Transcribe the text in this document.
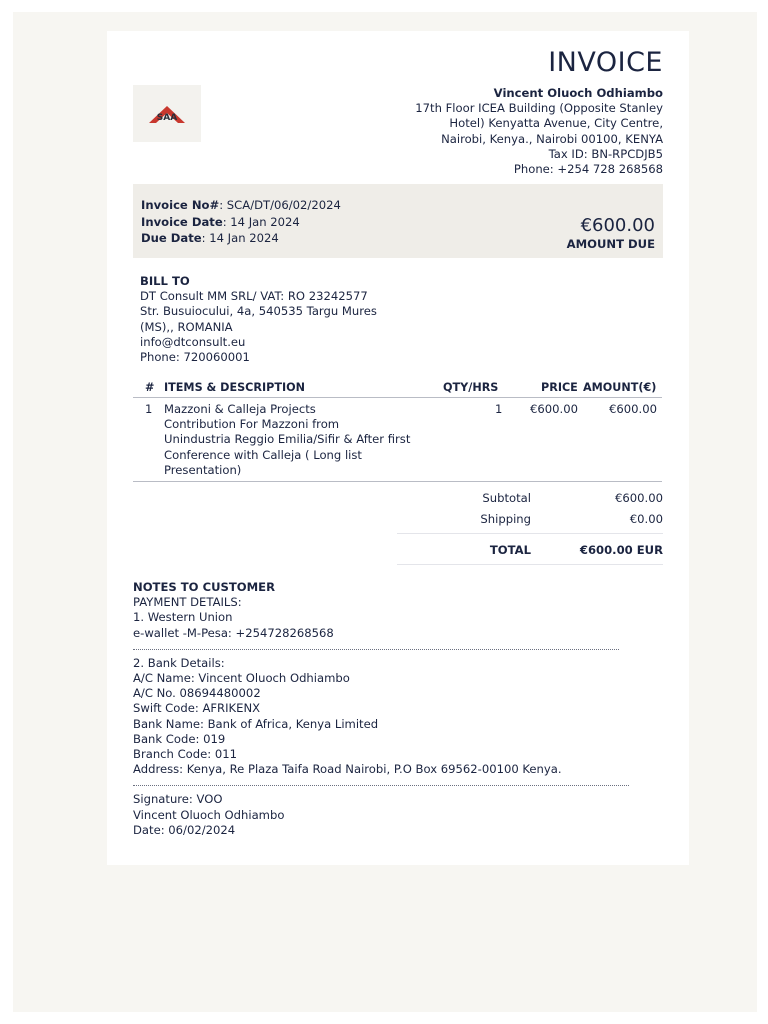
INVOICE
SAA
Vincent Oluoch Odhiambo
17th Floor ICEA Building (Opposite Stanley
Hotel) Kenyatta Avenue, City Centre,
Nairobi, Kenya., Nairobi 00100, KENYA
Tax ID: BN-RPCDJB5
Phone: +254 728 268568
Invoice No#: SCA/DT/06/02/2024
Invoice Date: 14 Jan 2024
Due Date: 14 Jan 2024
€600.00
AMOUNT DUE
BILL TO
DT Consult MM SRL/ VAT: RO 23242577
Str. Busuiocului, 4a, 540535 Targu Mures
(MS),, ROMANIA
info@dtconsult.eu
Phone: 720060001
# ITEMS & DESCRIPTION	QTY/HRS	PRICE AMOUNT(€)
1 Mazzoni & Calleja Projects
Contribution For Mazzoni from
Unindustria Reggio Emilia/Sifir & After first
Conference with Calleja ( Long list
Presentation)
1 €600.00	€600.00
Subtotal	€600.00
Shipping	€0.00
TOTAL	€600.00 EUR
NOTES TO CUSTOMER
PAYMENT DETAILS:
1. Western Union
e-wallet -M-Pesa: +254728268568
2. Bank Details:
A/C Name: Vincent Oluoch Odhiambo
A/C No. 08694480002
Swift Code: AFRIKENX
Bank Name: Bank of Africa, Kenya Limited
Bank Code: 019
Branch Code: 011
Address: Kenya, Re Plaza Taifa Road Nairobi, P.O Box 69562-00100 Kenya.
Signature: VOO
Vincent Oluoch Odhiambo
Date: 06/02/2024
